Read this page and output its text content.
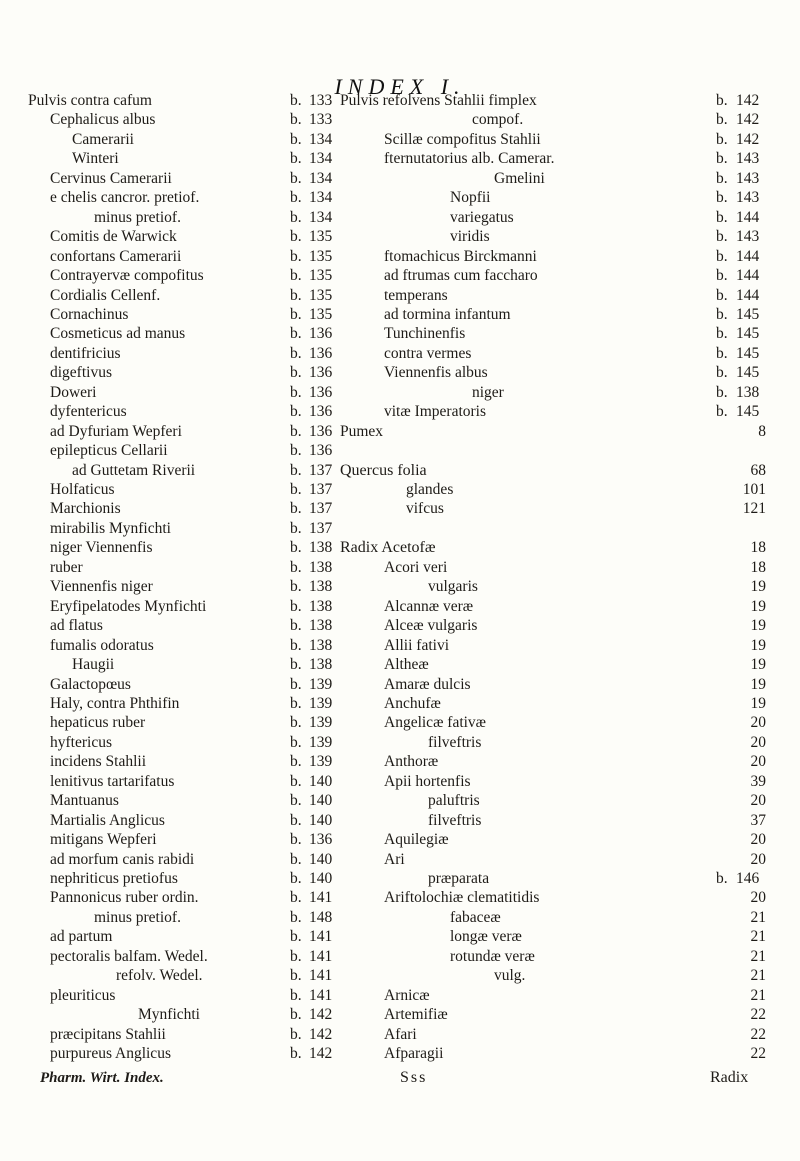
INDEX I.
Pulvis contra cafum	b. 133
Cephalicus albus	b. 133
Camerarii	b. 134
Winteri	b. 134
Cervinus Camerarii	b. 134
e chelis cancror. pretiof.	b. 134
minus pretiof.	b. 134
Comitis de Warwick	b. 135
confortans Camerarii	b. 135
Contrayervæ compofitus	b. 135
Cordialis Cellenf.	b. 135
Cornachinus	b. 135
Cosmeticus ad manus	b. 136
dentifricius	b. 136
digeftivus	b. 136
Doweri	b. 136
dyfentericus	b. 136
ad Dyfuriam Wepferi	b. 136
epilepticus Cellarii	b. 136
ad Guttetam Riverii	b. 137
Holfaticus	b. 137
Marchionis	b. 137
mirabilis Mynfichti	b. 137
niger Viennenfis	b. 138
ruber	b. 138
Viennenfis niger	b. 138
Eryfipelatodes Mynfichti	b. 138
ad flatus	b. 138
fumalis odoratus	b. 138
Haugii	b. 138
Galactopœus	b. 139
Haly, contra Phthifin	b. 139
hepaticus ruber	b. 139
hyftericus	b. 139
incidens Stahlii	b. 139
lenitivus tartarifatus	b. 140
Mantuanus	b. 140
Martialis Anglicus	b. 140
mitigans Wepferi	b. 136
ad morfum canis rabidi	b. 140
nephriticus pretiofus	b. 140
Pannonicus ruber ordin.	b. 141
minus pretiof.	b. 148
ad partum	b. 141
pectoralis balfam. Wedel.	b. 141
refolv. Wedel.	b. 141
pleuriticus	b. 141
Mynfichti	b. 142
præcipitans Stahlii	b. 142
purpureus Anglicus	b. 142
Pulvis refolvens Stahlii fimplex	b. 142
compof.	b. 142
Scillæ compofitus Stahlii	b. 142
fternutatorius alb. Camerar.	b. 143
Gmelini	b. 143
Nopfii	b. 143
variegatus	b. 144
viridis	b. 143
ftomachicus Birckmanni	b. 144
ad ftrumas cum faccharo	b. 144
temperans	b. 144
ad tormina infantum	b. 145
Tunchinenfis	b. 145
contra vermes	b. 145
Viennenfis albus	b. 145
niger	b. 138
vitæ Imperatoris	b. 145
Pumex	8
Quercus folia	68
glandes	101
vifcus	121
Radix Acetofæ	18
Acori veri	18
vulgaris	19
Alcannæ veræ	19
Alceæ vulgaris	19
Allii fativi	19
Altheæ	19
Amaræ dulcis	19
Anchufæ	19
Angelicæ fativæ	20
filveftris	20
Anthoræ	20
Apii hortenfis	39
paluftris	20
filveftris	37
Aquilegiæ	20
Ari	20
præparata	b. 146
Ariftolochiæ clematitidis	20
fabaceæ	21
longæ veræ	21
rotundæ veræ	21
vulg.	21
Arnicæ	21
Artemifiæ	22
Afari	22
Afparagii	22
Pharm. Wirt. Index.	Sss	Radix
